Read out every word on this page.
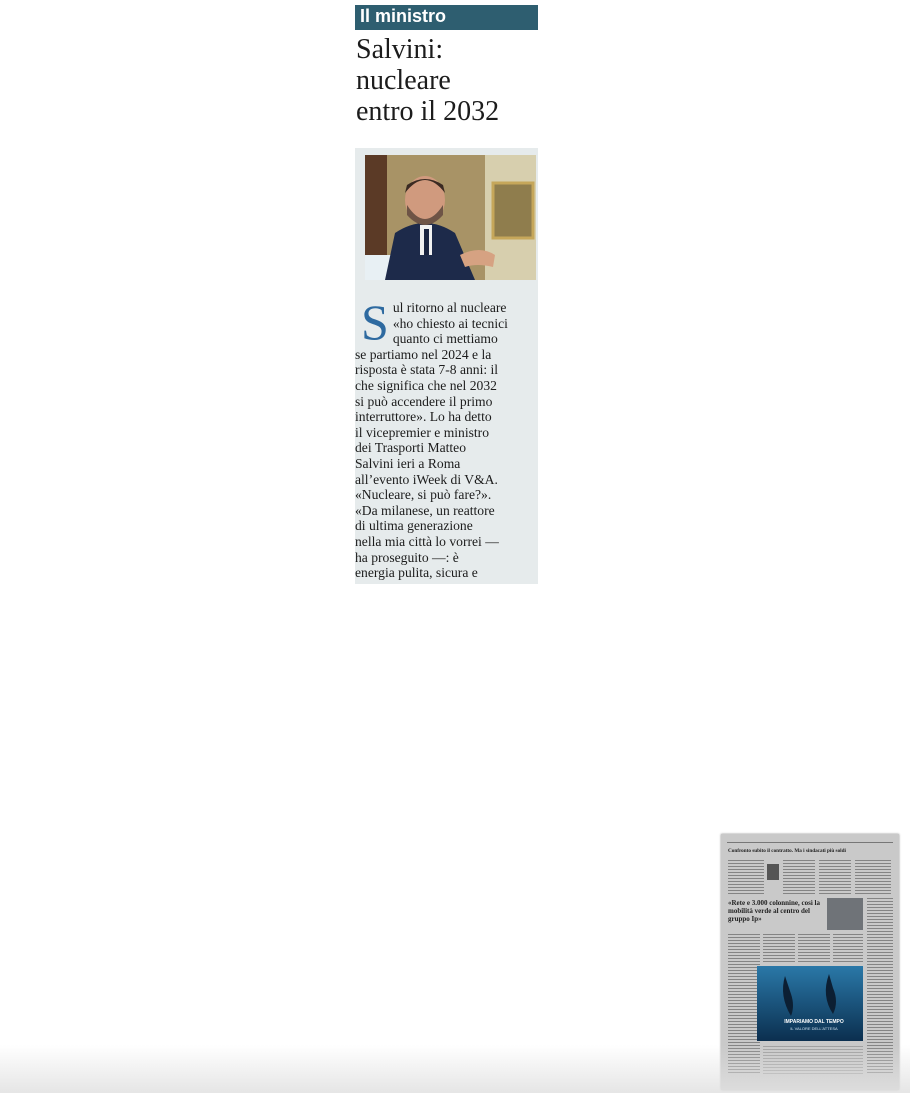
Il ministro
Salvini:
nucleare
entro il 2032
S ul ritorno al nucleare
«ho chiesto ai tecnici
quanto ci mettiamo
se partiamo nel 2024 e la
risposta è stata 7-8 anni: il
che significa che nel 2032
si può accendere il primo
interruttore». Lo ha detto
il vicepremier e ministro
dei Trasporti Matteo
Salvini ieri a Roma
all’evento iWeek di V&A.
«Nucleare, si può fare?».
«Da milanese, un reattore
di ultima generazione
nella mia città lo vorrei —
ha proseguito —: è
energia pulita, sicura e
Confronto subito il contratto. Ma i sindacati più soldi
«Rete e 3.000 colonnine, così la mobilità verde al centro del gruppo Ip»
IMPARIAMO DAL TEMPO
IL VALORE DELL'ATTESA
